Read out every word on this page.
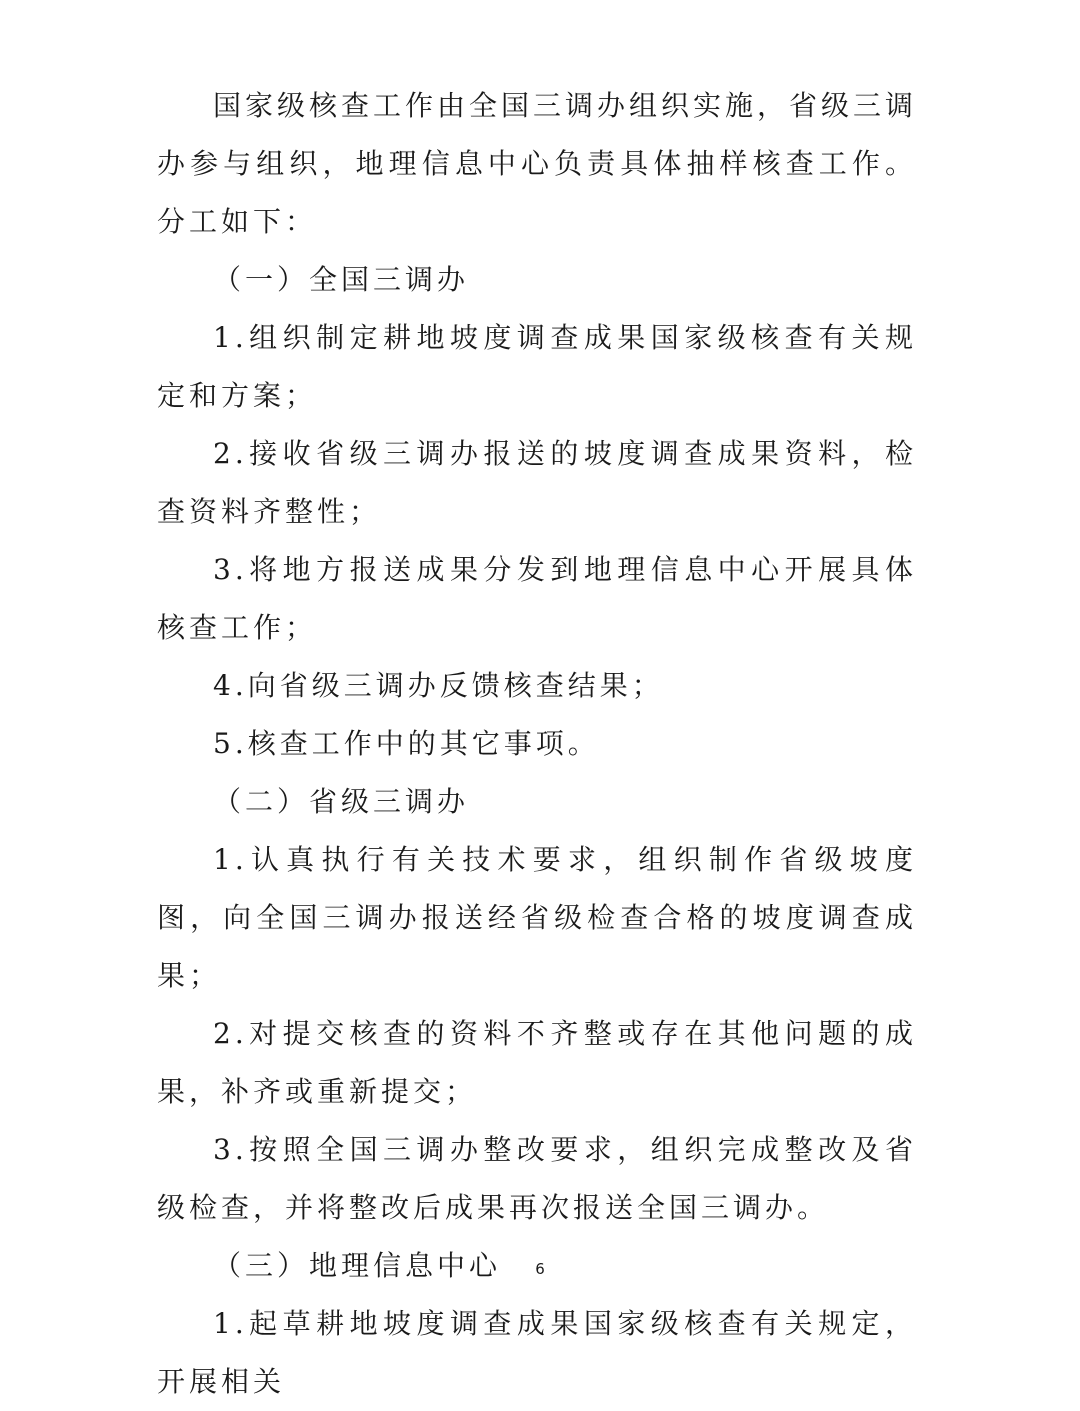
国家级核查工作由全国三调办组织实施，省级三调办参与组织，地理信息中心负责具体抽样核查工作。分工如下：

（一）全国三调办

1.组织制定耕地坡度调查成果国家级核查有关规定和方案；

2.接收省级三调办报送的坡度调查成果资料，检查资料齐整性；

3.将地方报送成果分发到地理信息中心开展具体核查工作；

4.向省级三调办反馈核查结果；

5.核查工作中的其它事项。

（二）省级三调办

1.认真执行有关技术要求，组织制作省级坡度图，向全国三调办报送经省级检查合格的坡度调查成果；

2.对提交核查的资料不齐整或存在其他问题的成果，补齐或重新提交；

3.按照全国三调办整改要求，组织完成整改及省级检查，并将整改后成果再次报送全国三调办。

（三）地理信息中心

1.起草耕地坡度调查成果国家级核查有关规定，开展相关

6
